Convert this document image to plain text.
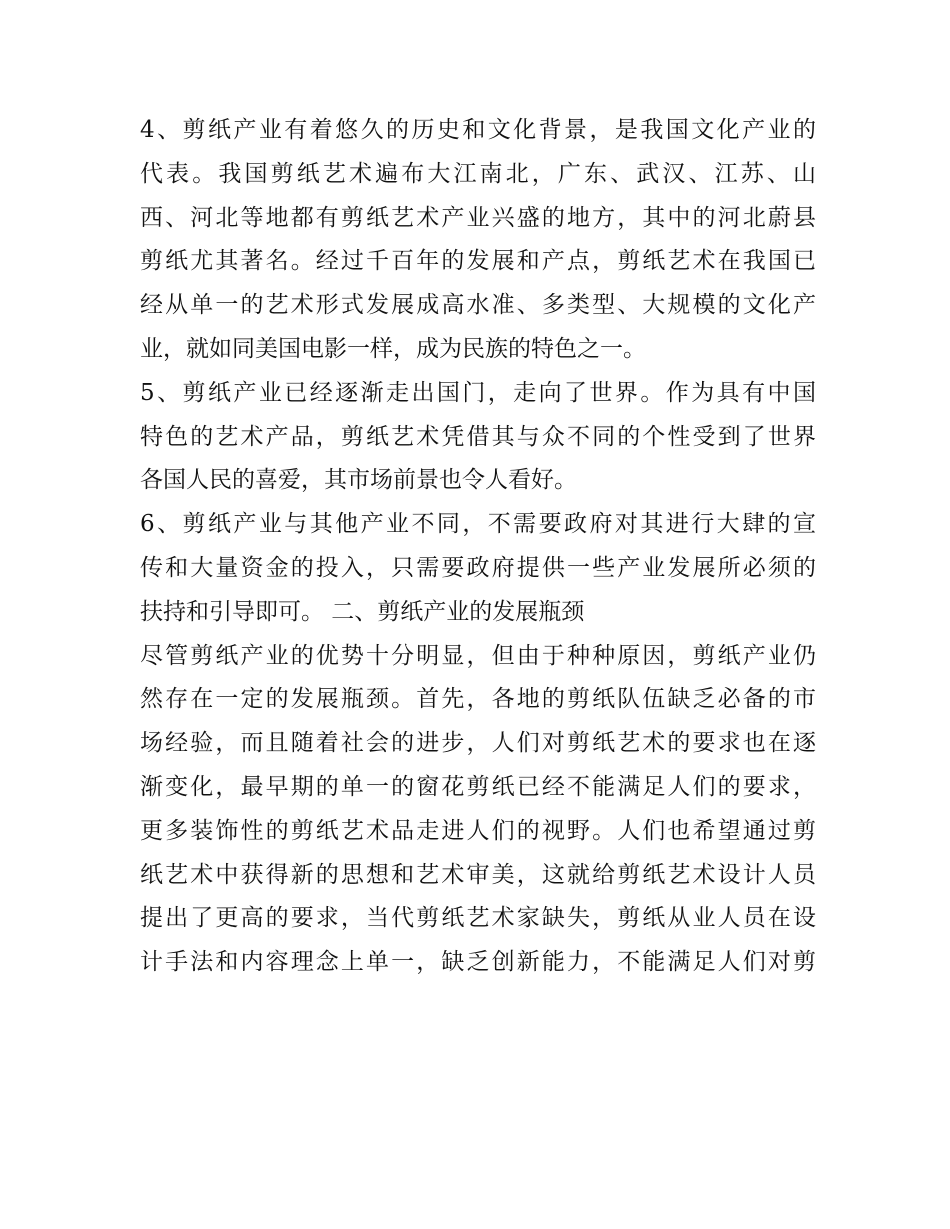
4、剪纸产业有着悠久的历史和文化背景，是我国文化产业的
代表。我国剪纸艺术遍布大江南北，广东、武汉、江苏、山
西、河北等地都有剪纸艺术产业兴盛的地方，其中的河北蔚县
剪纸尤其著名。经过千百年的发展和产点，剪纸艺术在我国已
经从单一的艺术形式发展成高水准、多类型、大规模的文化产
业，就如同美国电影一样，成为民族的特色之一。
5、剪纸产业已经逐渐走出国门，走向了世界。作为具有中国
特色的艺术产品，剪纸艺术凭借其与众不同的个性受到了世界
各国人民的喜爱，其市场前景也令人看好。
6、剪纸产业与其他产业不同，不需要政府对其进行大肆的宣
传和大量资金的投入，只需要政府提供一些产业发展所必须的
扶持和引导即可。 二、剪纸产业的发展瓶颈
尽管剪纸产业的优势十分明显，但由于种种原因，剪纸产业仍
然存在一定的发展瓶颈。首先，各地的剪纸队伍缺乏必备的市
场经验，而且随着社会的进步，人们对剪纸艺术的要求也在逐
渐变化，最早期的单一的窗花剪纸已经不能满足人们的要求，
更多装饰性的剪纸艺术品走进人们的视野。人们也希望通过剪
纸艺术中获得新的思想和艺术审美，这就给剪纸艺术设计人员
提出了更高的要求，当代剪纸艺术家缺失，剪纸从业人员在设
计手法和内容理念上单一，缺乏创新能力，不能满足人们对剪
